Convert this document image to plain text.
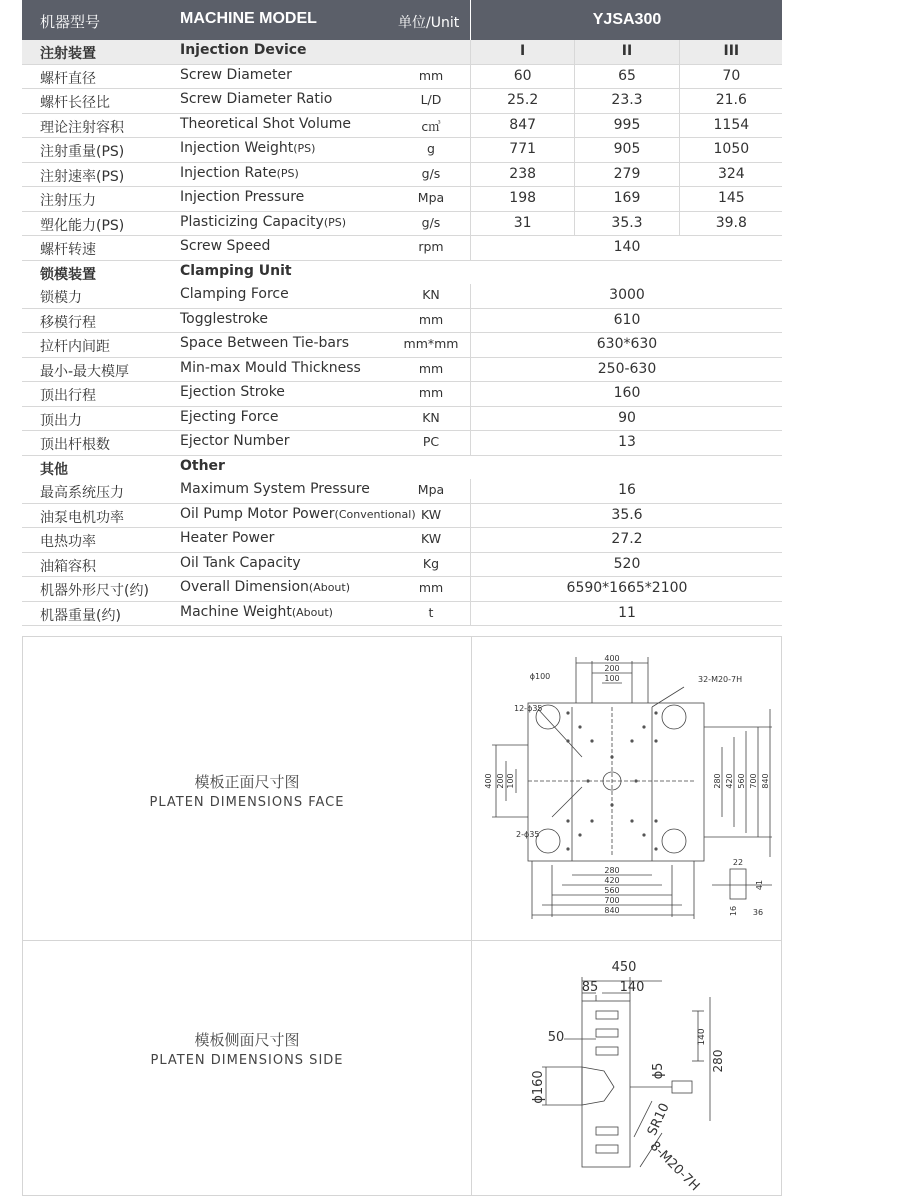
机器型号	MACHINE MODEL	单位/Unit	YJSA300
注射装置	Injection Device	I	II	III
螺杆直径	Screw Diameter	mm	60	65	70
螺杆长径比	Screw Diameter Ratio	L/D	25.2	23.3	21.6
理论注射容积	Theoretical Shot Volume	c㎥	847	995	1154
注射重量(PS)	Injection Weight(PS)	g	771	905	1050
注射速率(PS)	Injection Rate(PS)	g/s	238	279	324
注射压力	Injection Pressure	Mpa	198	169	145
塑化能力(PS)	Plasticizing Capacity(PS)	g/s	31	35.3	39.8
螺杆转速	Screw Speed	rpm	140
锁模装置	Clamping Unit
锁模力	Clamping Force	KN	3000
移模行程	Togglestroke	mm	610
拉杆内间距	Space Between Tie-bars	mm*mm	630*630
最小-最大模厚	Min-max Mould Thickness	mm	250-630
顶出行程	Ejection Stroke	mm	160
顶出力	Ejecting Force	KN	90
顶出杆根数	Ejector Number	PC	13
其他	Other
最高系统压力	Maximum System Pressure	Mpa	16
油泵电机功率	Oil Pump Motor Power(Conventional) KW	35.6
电热功率	Heater Power	KW	27.2
油箱容积	Oil Tank Capacity	Kg	520
机器外形尺寸(约) Overall Dimension(About)	mm	6590*1665*2100
机器重量(约)	Machine Weight(About)	t	11
模板正面尺寸图
PLATEN DIMENSIONS FACE
模板侧面尺寸图
PLATEN DIMENSIONS SIDE
400
200
100
ϕ100	32-M20-7H
12-ϕ35
2-ϕ35
400 200 100	280 420 560 700 840
280
420
560
700
840
22
41
16 36
450
85 140
50
ϕ160	ϕ5
SR10
8-M20-7H
140
280
